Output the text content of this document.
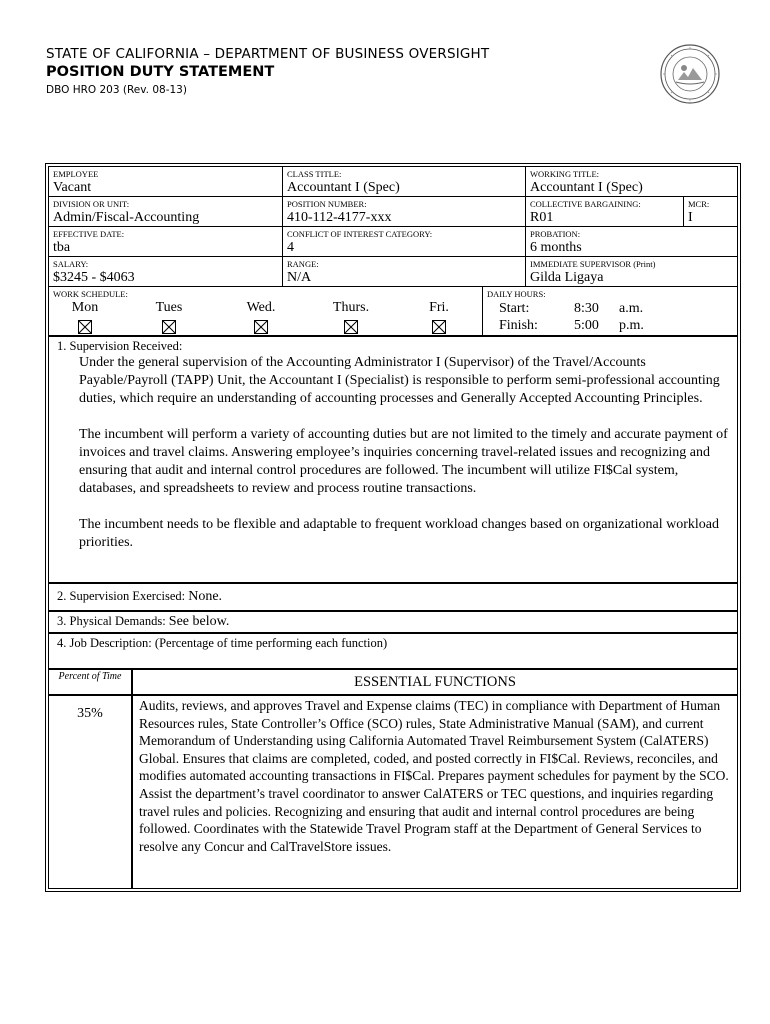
STATE OF CALIFORNIA – DEPARTMENT OF BUSINESS OVERSIGHT
POSITION DUTY STATEMENT
DBO HRO 203 (Rev. 08-13)
EMPLOYEE
Vacant
CLASS TITLE:
Accountant I (Spec)
WORKING TITLE:
Accountant I (Spec)
DIVISION OR UNIT:
Admin/Fiscal-Accounting
POSITION NUMBER:
410-112-4177-xxx
COLLECTIVE BARGAINING:
R01
MCR:
I
EFFECTIVE DATE:
tba
CONFLICT OF INTEREST CATEGORY:
4
PROBATION:
6 months
SALARY:
$3245 - $4063
RANGE:
N/A
IMMEDIATE SUPERVISOR (Print)
Gilda Ligaya
WORK SCHEDULE:
Mon	Tues	Wed.	Thurs.	Fri.
DAILY HOURS:
Start:	8:30 a.m.
Finish:	5:00 p.m.
1. Supervision Received:

Under the general supervision of the Accounting Administrator I (Supervisor) of the Travel/Accounts Payable/Payroll (TAPP) Unit, the Accountant I (Specialist) is responsible to perform semi-professional accounting duties, which require an understanding of accounting processes and Generally Accepted Accounting Principles.

The incumbent will perform a variety of accounting duties but are not limited to the timely and accurate payment of invoices and travel claims. Answering employee’s inquiries concerning travel-related issues and recognizing and ensuring that audit and internal control procedures are followed. The incumbent will utilize FI$Cal system, databases, and spreadsheets to review and process routine transactions.

The incumbent needs to be flexible and adaptable to frequent workload changes based on organizational workload priorities.

2. Supervision Exercised: None.
3. Physical Demands: See below.
4. Job Description: (Percentage of time performing each function)
Percent of Time	ESSENTIAL FUNCTIONS
35%
Audits, reviews, and approves Travel and Expense claims (TEC) in compliance with Department of Human Resources rules, State Controller’s Office (SCO) rules, State Administrative Manual (SAM), and current Memorandum of Understanding using California Automated Travel Reimbursement System (CalATERS) Global. Ensures that claims are completed, coded, and posted correctly in FI$Cal. Reviews, reconciles, and modifies automated accounting transactions in FI$Cal. Prepares payment schedules for payment by the SCO. Assist the department’s travel coordinator to answer CalATERS or TEC questions, and inquiries regarding travel rules and policies. Recognizing and ensuring that audit and internal control procedures are being followed. Coordinates with the Statewide Travel Program staff at the Department of General Services to resolve any Concur and CalTravelStore issues.
